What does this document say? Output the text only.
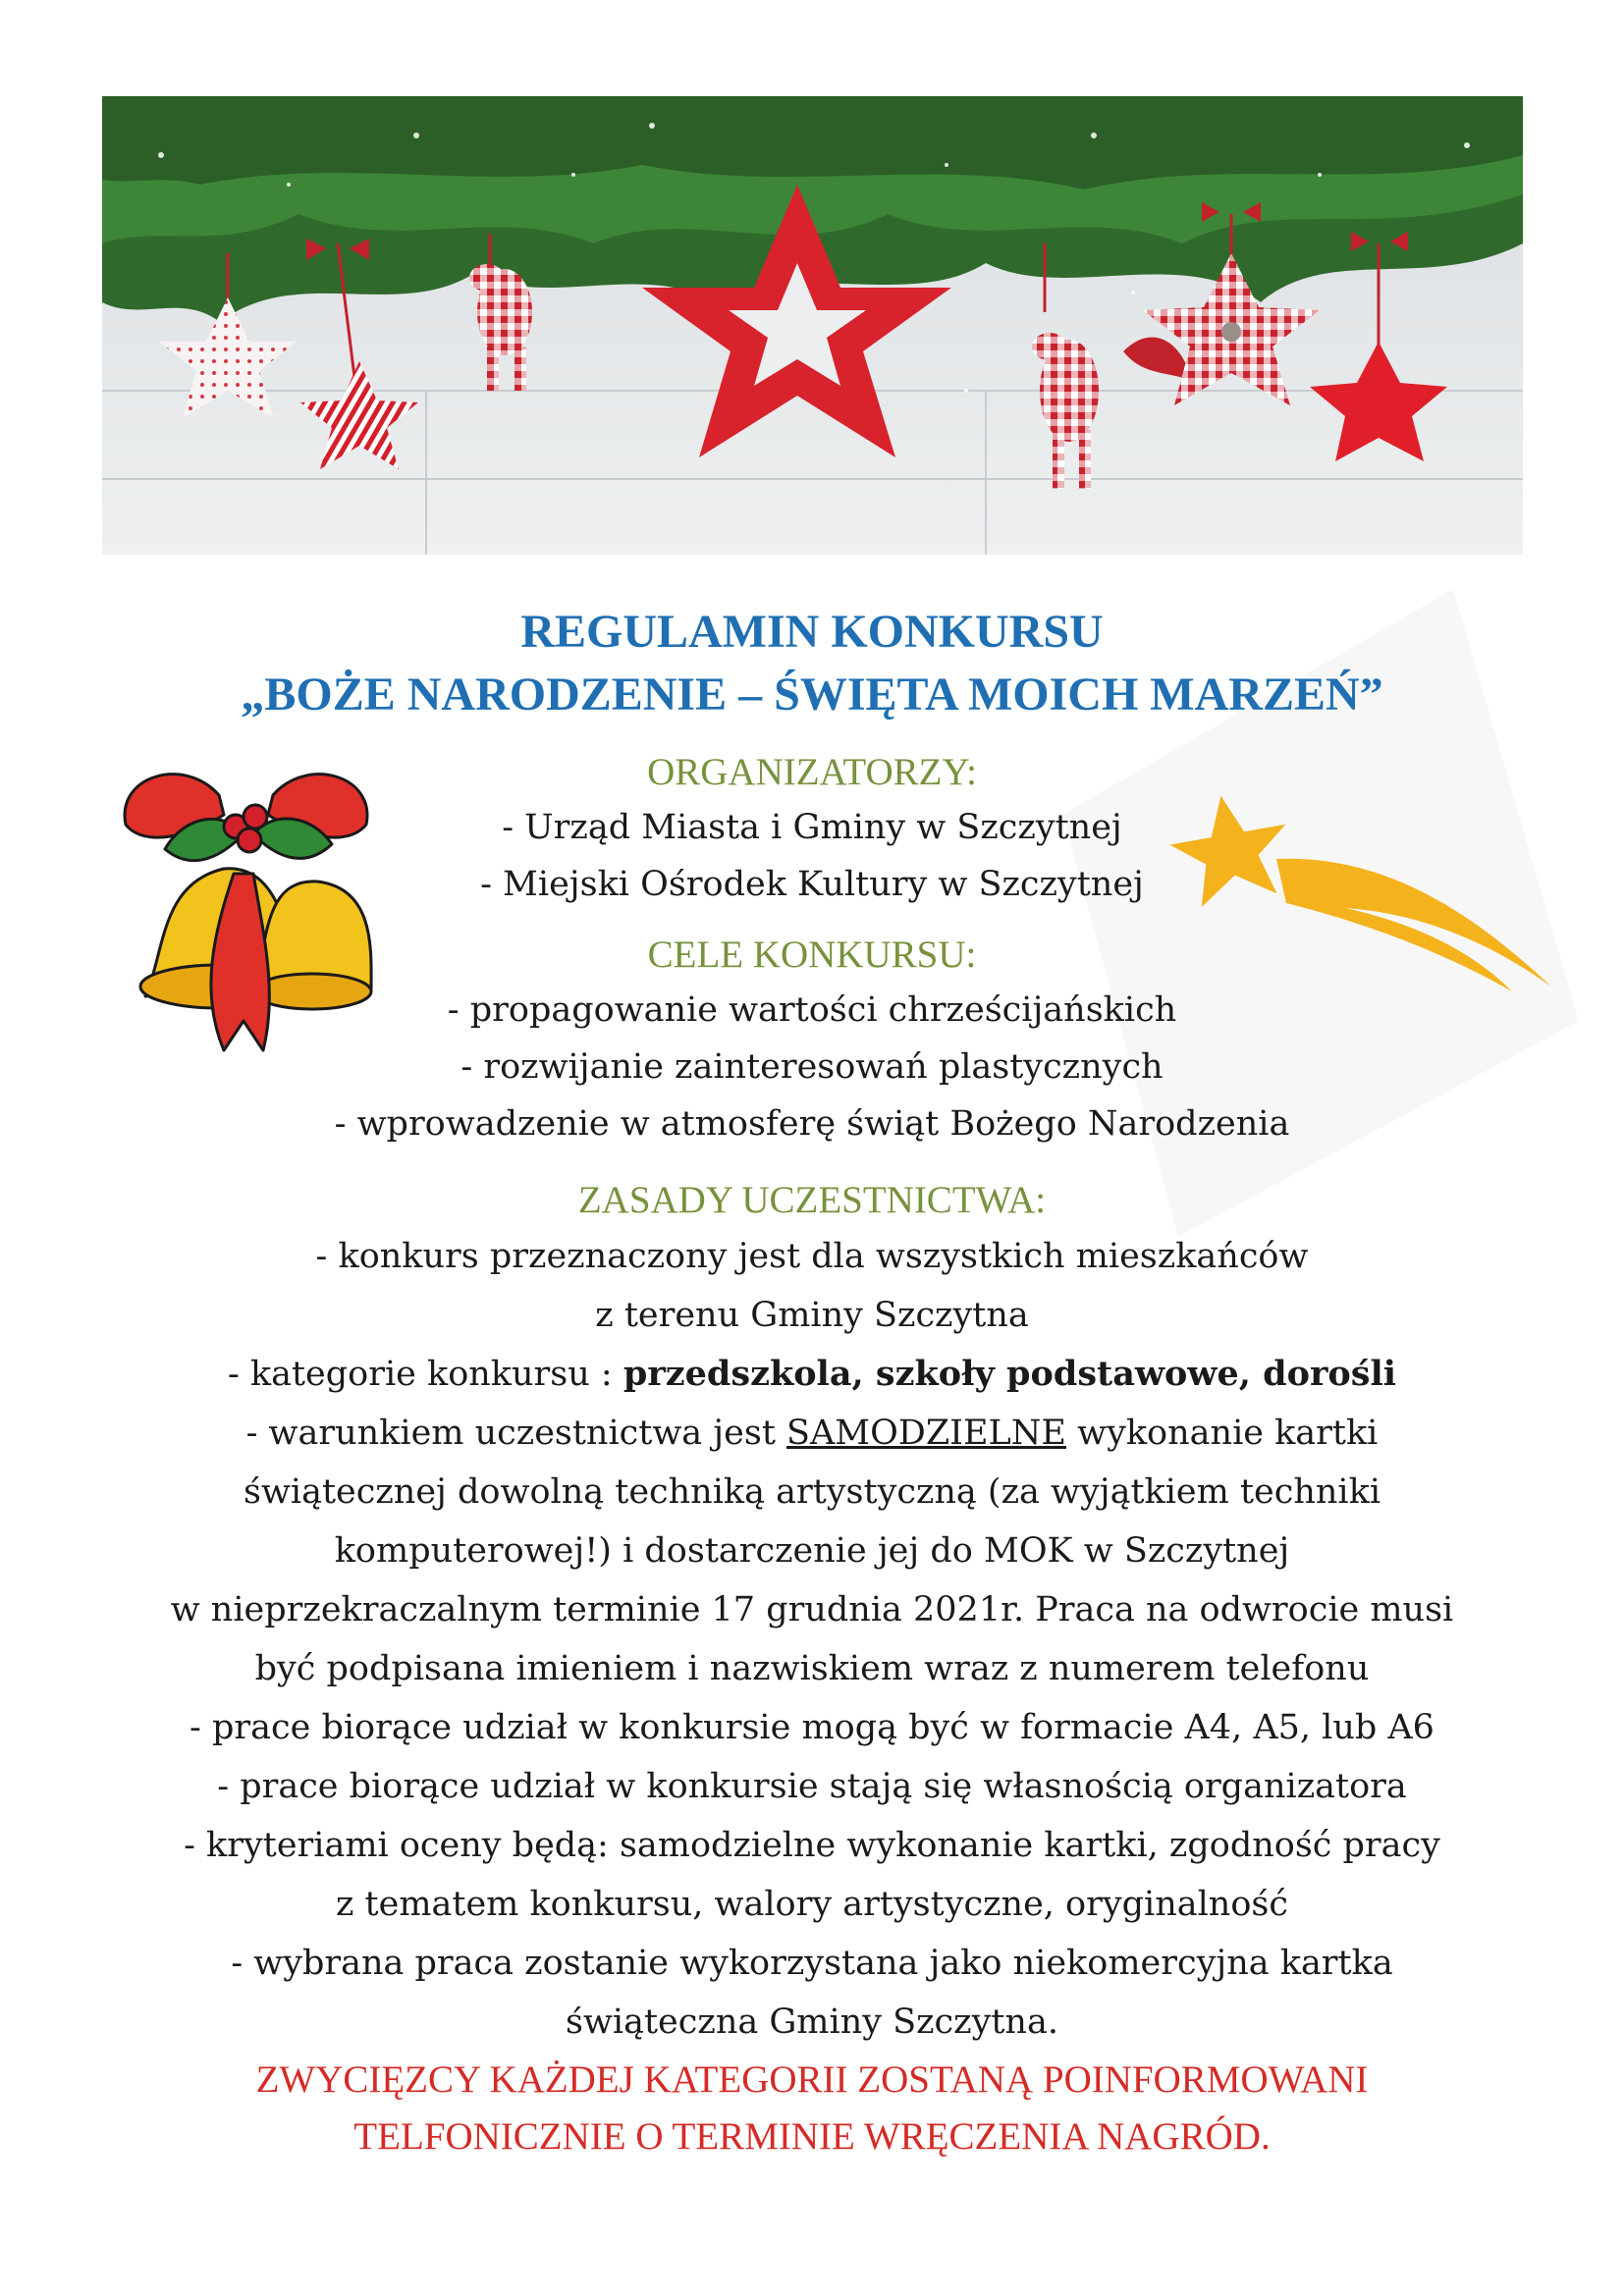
REGULAMIN KONKURSU
„BOŻE NARODZENIE – ŚWIĘTA MOICH MARZEŃ”
ORGANIZATORZY:
- Urząd Miasta i Gminy w Szczytnej
- Miejski Ośrodek Kultury w Szczytnej
CELE KONKURSU:
- propagowanie wartości chrześcijańskich
- rozwijanie zainteresowań plastycznych
- wprowadzenie w atmosferę świąt Bożego Narodzenia
ZASADY UCZESTNICTWA:
- konkurs przeznaczony jest dla wszystkich mieszkańców
z terenu Gminy Szczytna
- kategorie konkursu : przedszkola, szkoły podstawowe, dorośli
- warunkiem uczestnictwa jest SAMODZIELNE wykonanie kartki
świątecznej dowolną techniką artystyczną (za wyjątkiem techniki
komputerowej!) i dostarczenie jej do MOK w Szczytnej
w nieprzekraczalnym terminie 17 grudnia 2021r. Praca na odwrocie musi
być podpisana imieniem i nazwiskiem wraz z numerem telefonu
- prace biorące udział w konkursie mogą być w formacie A4, A5, lub A6
- prace biorące udział w konkursie stają się własnością organizatora
- kryteriami oceny będą: samodzielne wykonanie kartki, zgodność pracy
z tematem konkursu, walory artystyczne, oryginalność
- wybrana praca zostanie wykorzystana jako niekomercyjna kartka
świąteczna Gminy Szczytna.
ZWYCIĘZCY KAŻDEJ KATEGORII ZOSTANĄ POINFORMOWANI
TELFONICZNIE O TERMINIE WRĘCZENIA NAGRÓD.
